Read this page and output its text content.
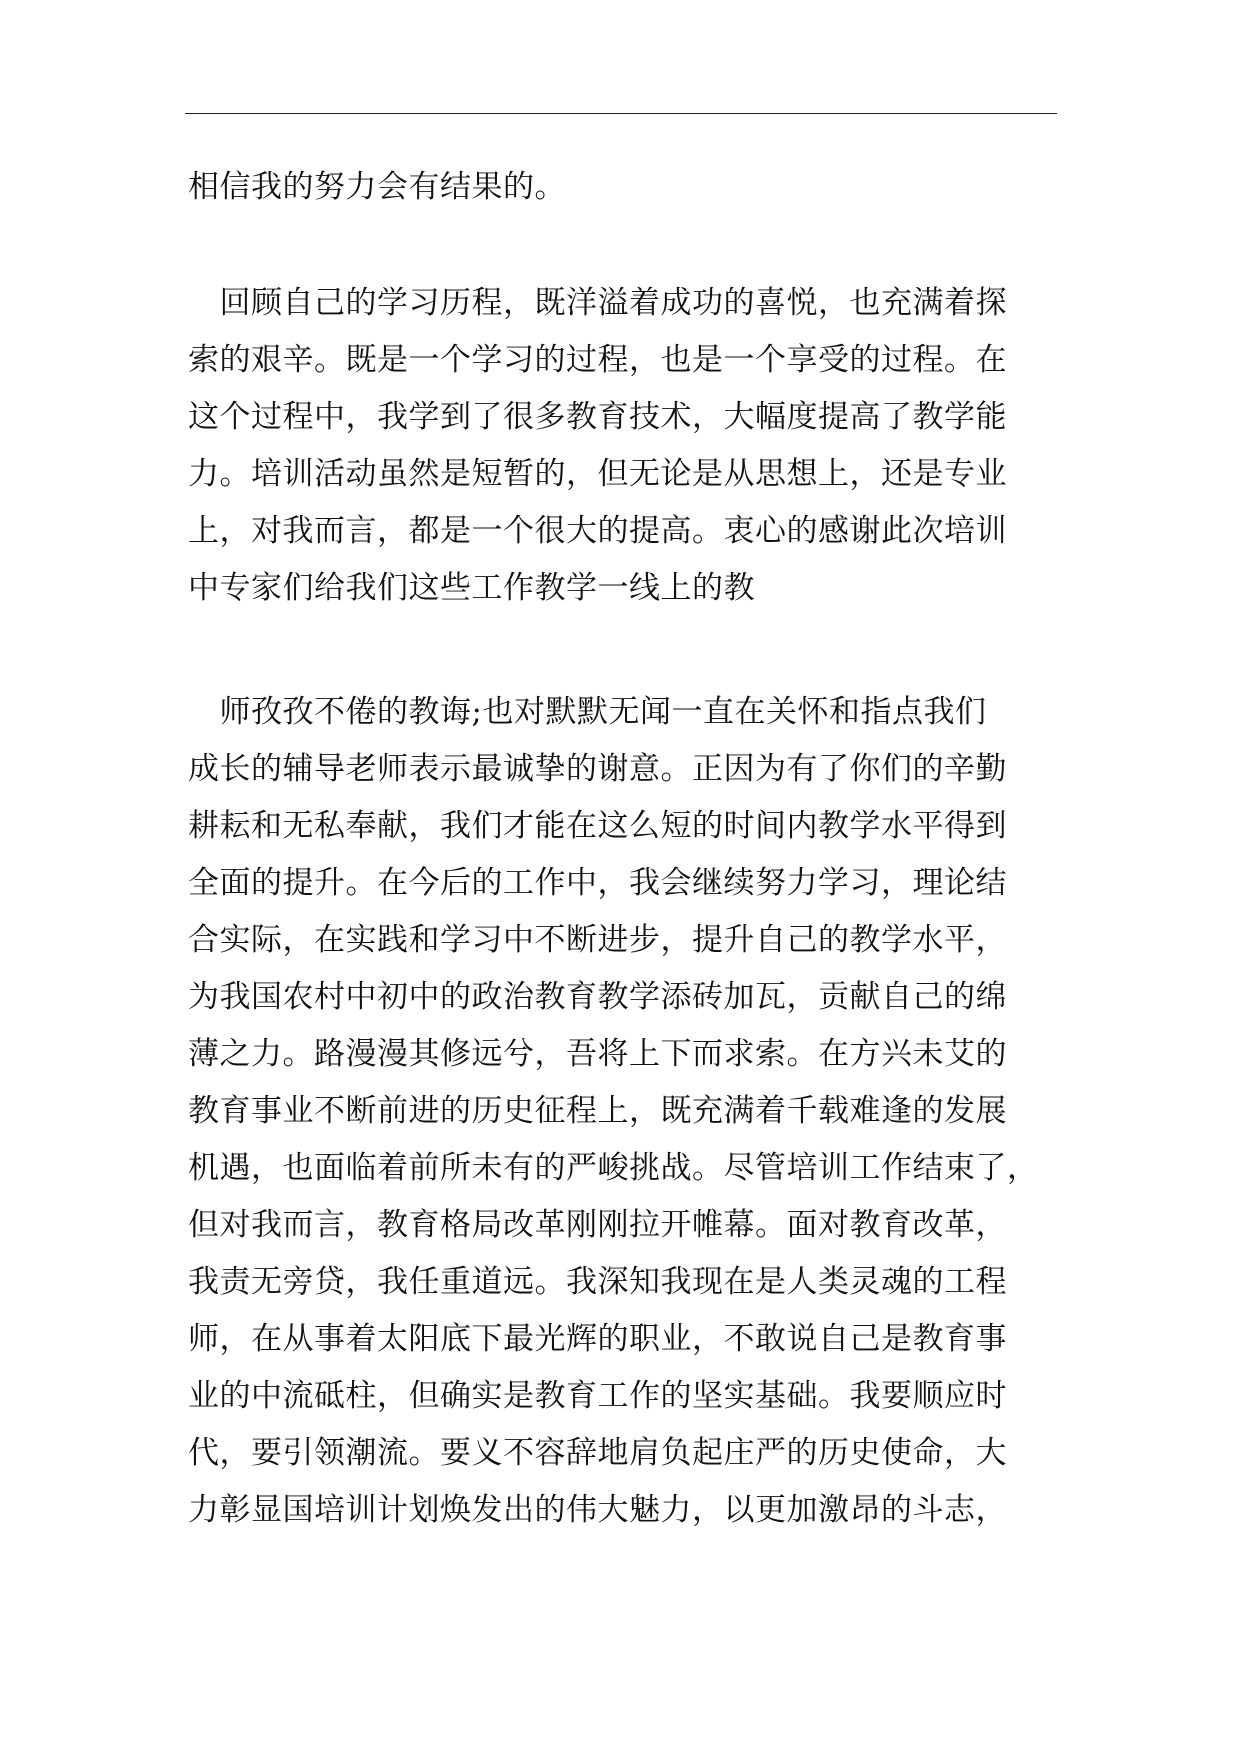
相信我的努力会有结果的。
　回顾自己的学习历程，既洋溢着成功的喜悦，也充满着探
索的艰辛。既是一个学习的过程，也是一个享受的过程。在
这个过程中，我学到了很多教育技术，大幅度提高了教学能
力。培训活动虽然是短暂的，但无论是从思想上，还是专业
上，对我而言，都是一个很大的提高。衷心的感谢此次培训
中专家们给我们这些工作教学一线上的教
　师孜孜不倦的教诲;也对默默无闻一直在关怀和指点我们
成长的辅导老师表示最诚挚的谢意。正因为有了你们的辛勤
耕耘和无私奉献，我们才能在这么短的时间内教学水平得到
全面的提升。在今后的工作中，我会继续努力学习，理论结
合实际，在实践和学习中不断进步，提升自己的教学水平，
为我国农村中初中的政治教育教学添砖加瓦，贡献自己的绵
薄之力。路漫漫其修远兮，吾将上下而求索。在方兴未艾的
教育事业不断前进的历史征程上，既充满着千载难逢的发展
机遇，也面临着前所未有的严峻挑战。尽管培训工作结束了，
但对我而言，教育格局改革刚刚拉开帷幕。面对教育改革，
我责无旁贷，我任重道远。我深知我现在是人类灵魂的工程
师，在从事着太阳底下最光辉的职业，不敢说自己是教育事
业的中流砥柱，但确实是教育工作的坚实基础。我要顺应时
代，要引领潮流。要义不容辞地肩负起庄严的历史使命，大
力彰显国培训计划焕发出的伟大魅力，以更加激昂的斗志，
